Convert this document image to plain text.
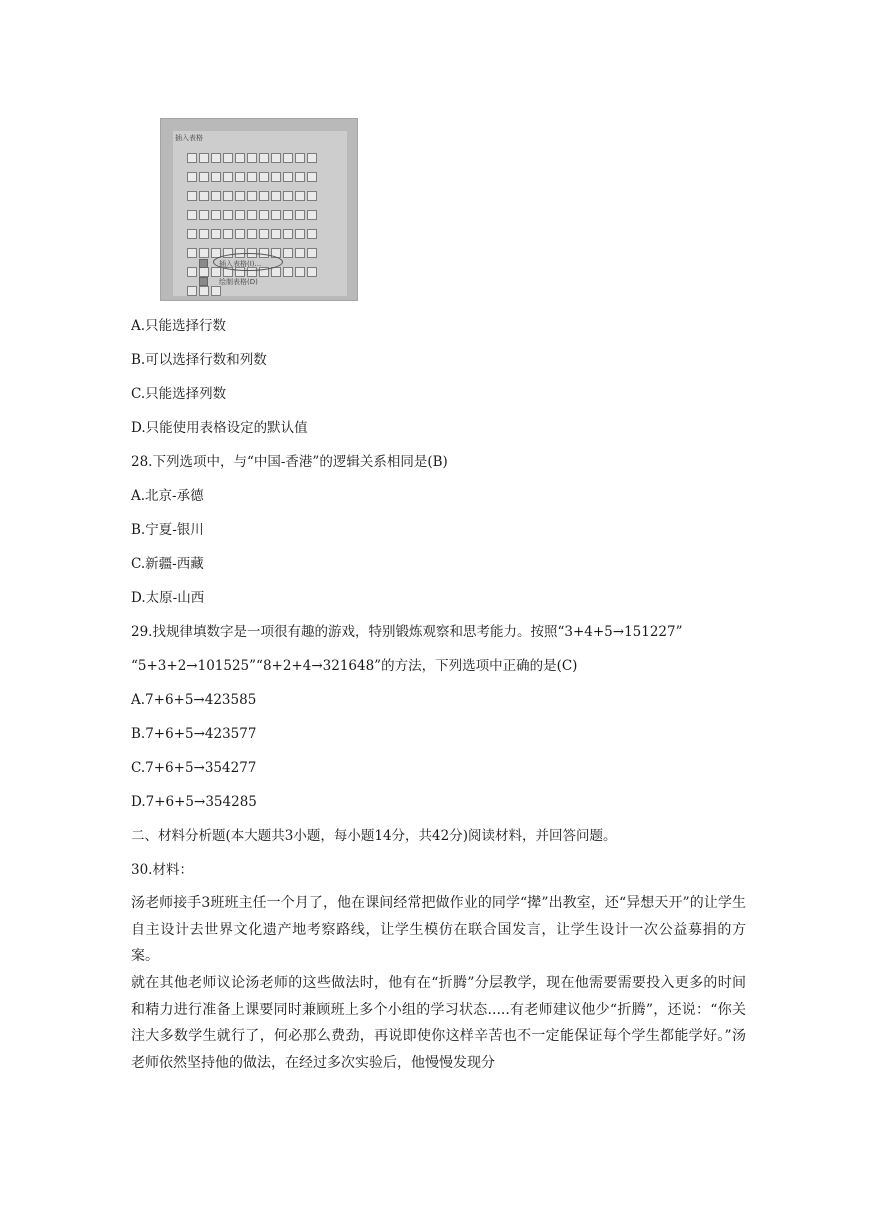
插入表格
插入表格(I)...
绘制表格(D)
A.只能选择行数
B.可以选择行数和列数
C.只能选择列数
D.只能使用表格设定的默认值
28.下列选项中，与“中国-香港”的逻辑关系相同是(B)
A.北京-承德
B.宁夏-银川
C.新疆-西藏
D.太原-山西
29.找规律填数字是一项很有趣的游戏，特别锻炼观察和思考能力。按照“3+4+5→151227”
“5+3+2→101525”“8+2+4→321648”的方法，下列选项中正确的是(C)
A.7+6+5→423585
B.7+6+5→423577
C.7+6+5→354277
D.7+6+5→354285
二、材料分析题(本大题共3小题，每小题14分，共42分)阅读材料，并回答问题。
30.材料：
汤老师接手3班班主任一个月了，他在课间经常把做作业的同学“撵”出教室，还“异想天开”的让学生自主设计去世界文化遗产地考察路线，让学生模仿在联合国发言，让学生设计一次公益募捐的方案。
就在其他老师议论汤老师的这些做法时，他有在“折腾”分层教学，现在他需要需要投入更多的时间和精力进行准备上课要同时兼顾班上多个小组的学习状态.....有老师建议他少“折腾”，还说：“你关注大多数学生就行了，何必那么费劲，再说即使你这样辛苦也不一定能保证每个学生都能学好。”汤老师依然坚持他的做法，在经过多次实验后，他慢慢发现分
